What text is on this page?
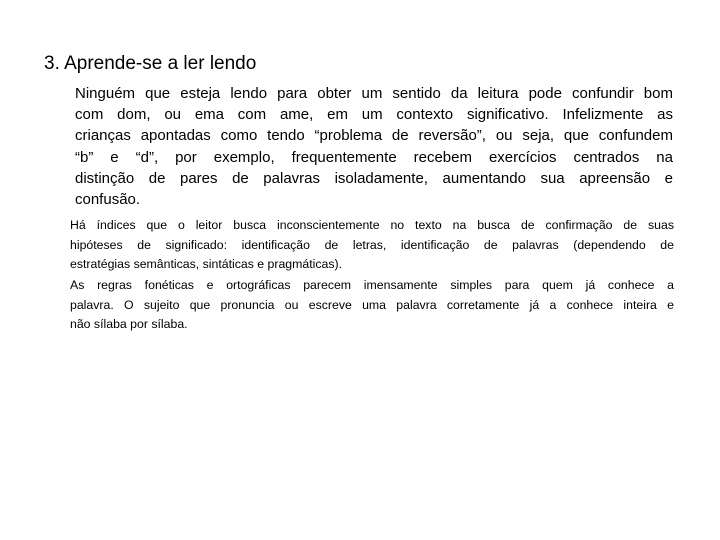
3. Aprende-se a ler lendo
Ninguém que esteja lendo para obter um sentido da leitura pode confundir bom
com dom, ou ema com ame, em um contexto significativo. Infelizmente as
crianças apontadas como tendo “problema de reversão”, ou seja, que confundem
“b” e “d”, por exemplo, frequentemente recebem exercícios centrados na
distinção de pares de palavras isoladamente, aumentando sua apreensão e
confusão.
Há índices que o leitor busca inconscientemente no texto na busca de confirmação de suas
hipóteses de significado: identificação de letras, identificação de palavras (dependendo de
estratégias semânticas, sintáticas e pragmáticas).
As regras fonéticas e ortográficas parecem imensamente simples para quem já conhece a
palavra. O sujeito que pronuncia ou escreve uma palavra corretamente já a conhece inteira e
não sílaba por sílaba.
